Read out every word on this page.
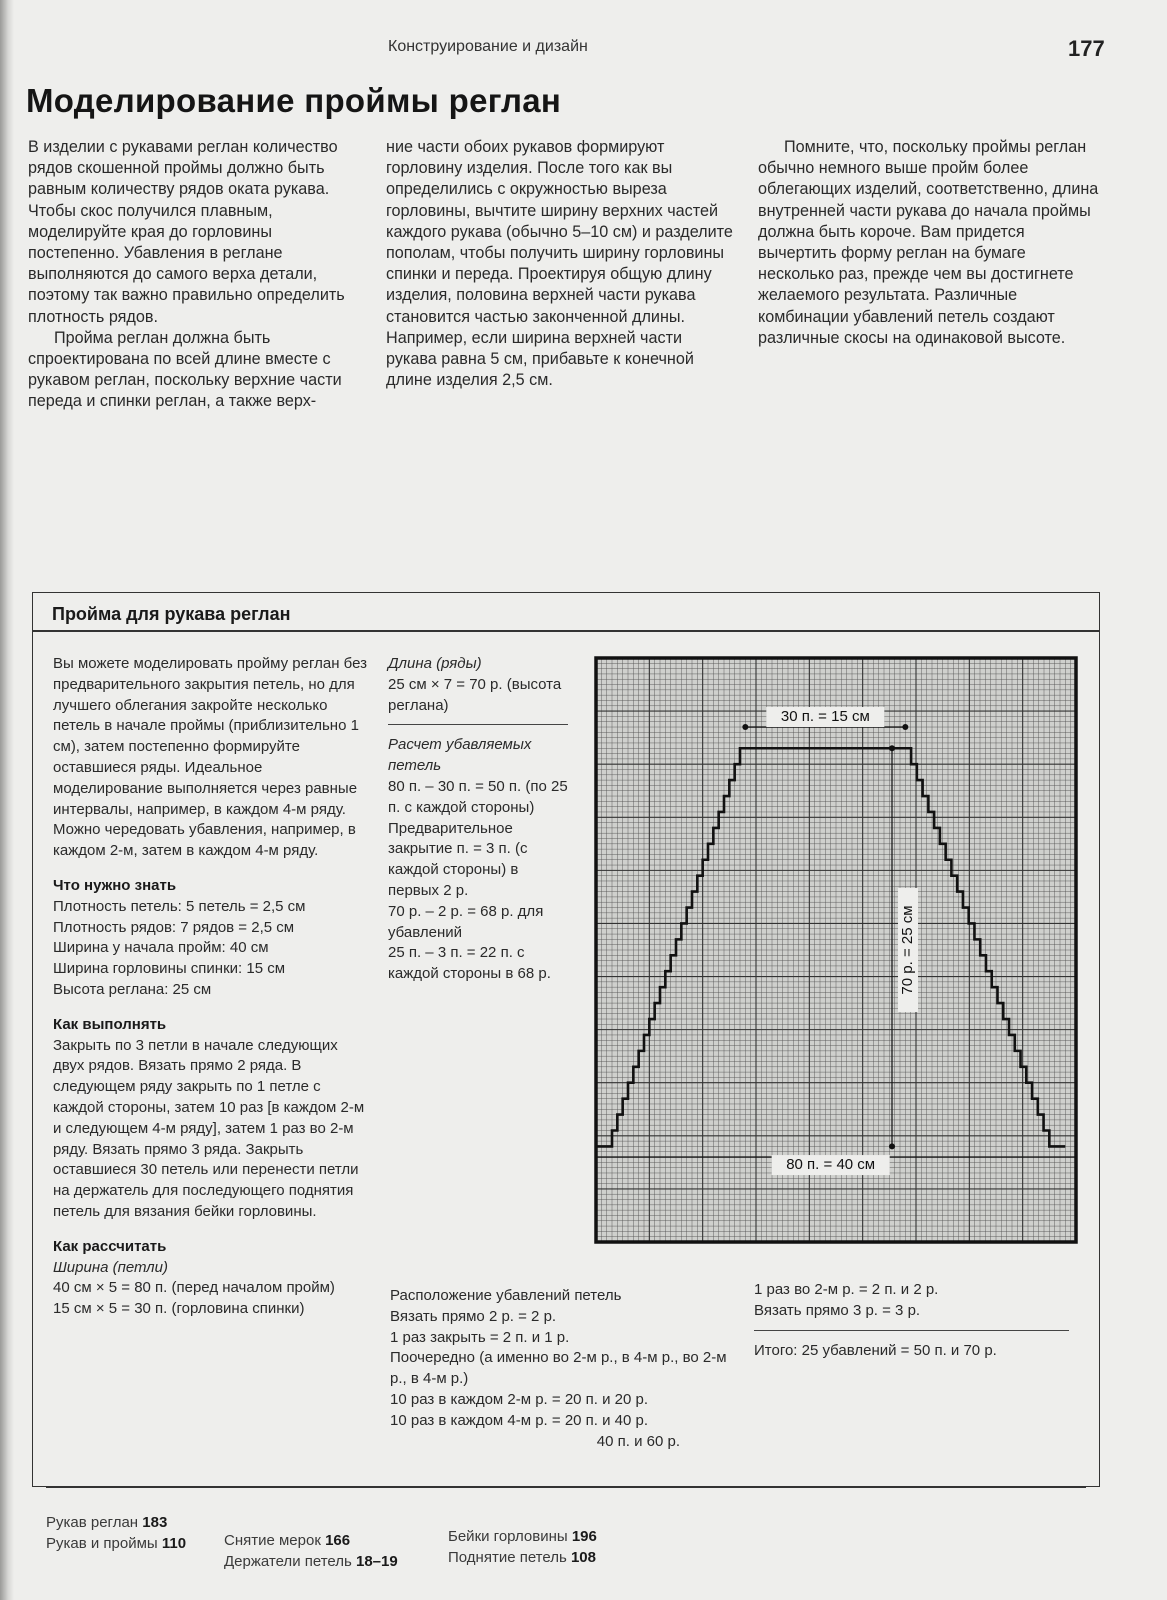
Конструирование и дизайн	177
Моделирование проймы реглан

В изделии с рукавами реглан количество рядов скошенной проймы должно быть равным количеству рядов оката рукава. Чтобы скос получился плавным, моделируйте края до горловины постепенно. Убавления в реглане выполняются до самого верха детали, поэтому так важно правильно определить плотность рядов.

Пройма реглан должна быть спроектирована по всей длине вместе с рукавом реглан, поскольку верхние части переда и спинки реглан, а также верх-

ние части обоих рукавов формируют горловину изделия. После того как вы определились с окружностью выреза горловины, вычтите ширину верхних частей каждого рукава (обычно 5–10 см) и разделите пополам, чтобы получить ширину горловины спинки и переда. Проектируя общую длину изделия, половина верхней части рукава становится частью законченной длины. Например, если ширина верхней части рукава равна 5 см, прибавьте к конечной длине изделия 2,5 см.

Помните, что, поскольку проймы реглан обычно немного выше пройм более облегающих изделий, соответственно, длина внутренней части рукава до начала проймы должна быть короче. Вам придется вычертить форму реглан на бумаге несколько раз, прежде чем вы достигнете желаемого результата. Различные комбинации убавлений петель создают различные скосы на одинаковой высоте.

Пройма для рукава реглан

Вы можете моделировать пройму реглан без предварительного закрытия петель, но для лучшего облегания закройте несколько петель в начале проймы (приблизительно 1 см), затем постепенно формируйте оставшиеся ряды. Идеальное моделирование выполняется через равные интервалы, например, в каждом 4-м ряду. Можно чередовать убавления, например, в каждом 2-м, затем в каждом 4-м ряду.

Что нужно знать

Плотность петель: 5 петель = 2,5 см

Плотность рядов: 7 рядов = 2,5 см

Ширина у начала пройм: 40 см

Ширина горловины спинки: 15 см

Высота реглана: 25 см

Как выполнять

Закрыть по 3 петли в начале следующих двух рядов. Вязать прямо 2 ряда. В следующем ряду закрыть по 1 петле с каждой стороны, затем 10 раз [в каждом 2-м и следующем 4-м ряду], затем 1 раз во 2-м ряду. Вязать прямо 3 ряда. Закрыть оставшиеся 30 петель или перенести петли на держатель для последующего поднятия петель для вязания бейки горловины.

Как рассчитать

Ширина (петли)

40 см × 5 = 80 п. (перед началом пройм)

15 см × 5 = 30 п. (горловина спинки)

Длина (ряды)

25 см × 7 = 70 р. (высота реглана)

Расчет убавляемых петель

80 п. – 30 п. = 50 п. (по 25 п. с каждой стороны)

Предварительное закрытие п. = 3 п. (с каждой стороны) в первых 2 р.

70 р. – 2 р. = 68 р. для убавлений

25 п. – 3 п. = 22 п. с каждой стороны в 68 р.

30 п. = 15 см
80 п. = 40 см
70 р. = 25 см

Расположение убавлений петель

Вязать прямо 2 р. = 2 р.

1 раз закрыть = 2 п. и 1 р.

Поочередно (а именно во 2-м р., в 4-м р., во 2-м р., в 4-м р.)

10 раз в каждом 2-м р. = 20 п. и 20 р.

10 раз в каждом 4-м р. = 20 п. и 40 р.

40 п. и 60 р.

1 раз во 2-м р. = 2 п. и 2 р.

Вязать прямо 3 р. = 3 р.

Итого: 25 убавлений = 50 п. и 70 р.

Рукав реглан 183
Рукав и проймы 110	Снятие мерок 166
Держатели петель 18–19
Бейки горловины 196
Поднятие петель 108
